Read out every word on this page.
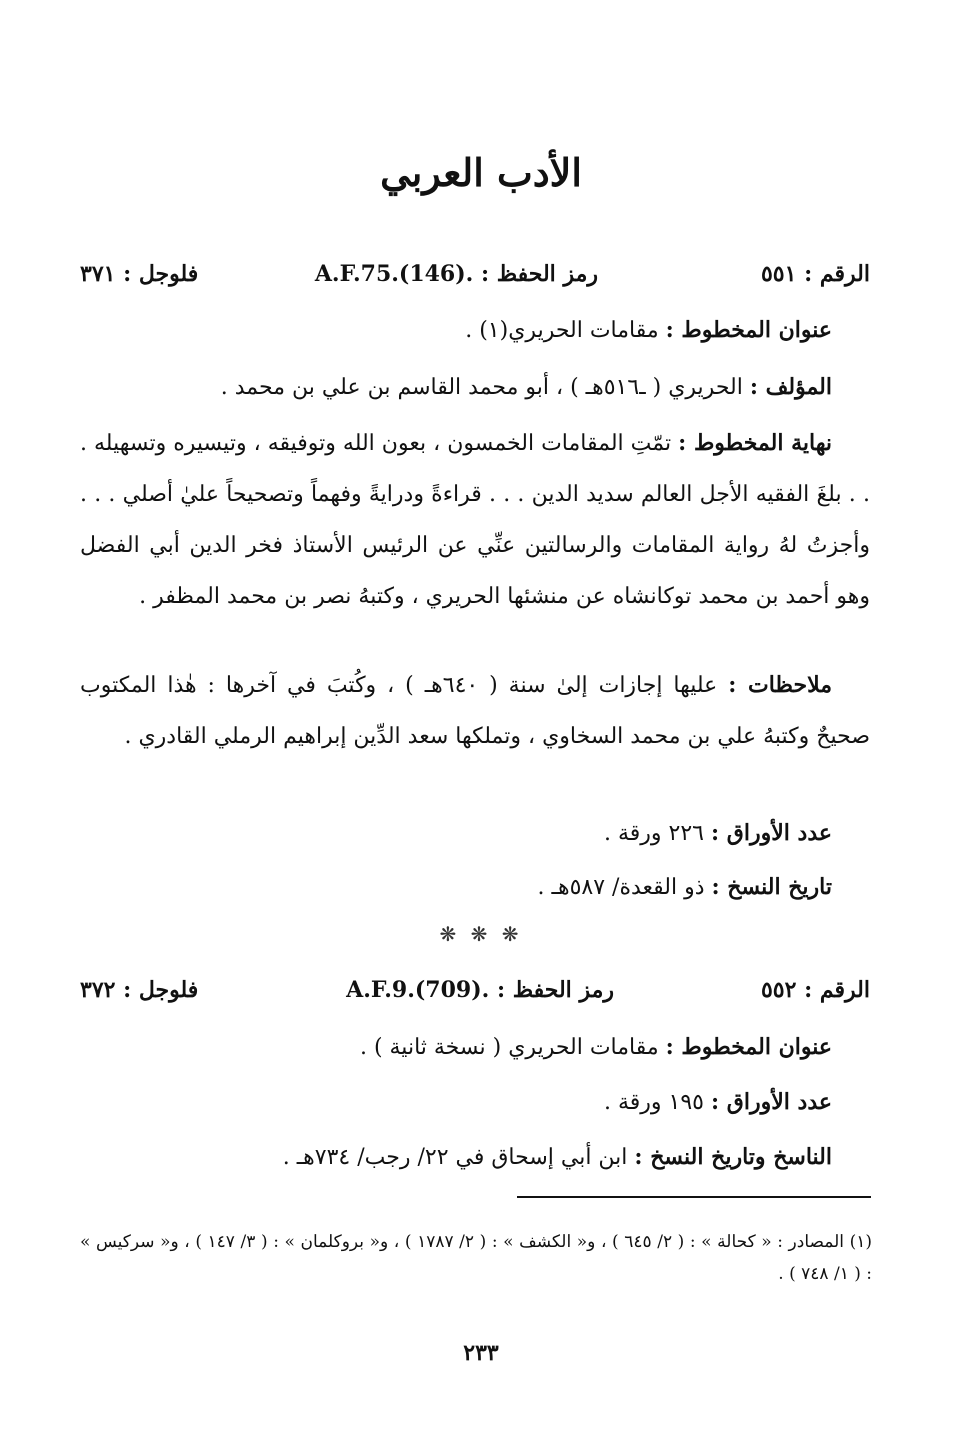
الأدب العربي
الرقم : ٥٥١
رمز الحفظ : .A.F.75.(146)
فلوجل : ٣٧١

عنوان المخطوط : مقامات الحريري(١) .

المؤلف : الحريري ( ـ٥١٦هـ ) ، أبو محمد القاسم بن علي بن محمد .

نهاية المخطوط : تمّتِ المقامات الخمسون ، بعون الله وتوفيقه ، وتيسيره وتسهيله . . . بلغَ الفقيه الأجل العالم سديد الدين . . . قراءةً ودرايةً وفهماً وتصحيحاً عليٰ أصلي . . . وأجزتُ لهُ رواية المقامات والرسالتين عنِّي عن الرئيس الأستاذ فخر الدين أبي الفضل وهو أحمد بن محمد توكانشاه عن منشئها الحريري ، وكتبهُ نصر بن محمد المظفر .

ملاحظات : عليها إجازات إلىٰ سنة ( ٦٤٠هـ ) ، وكُتبَ في آخرها : هٰذا المكتوب صحيحٌ وكتبهُ علي بن محمد السخاوي ، وتملكها سعد الدِّين إبراهيم الرملي القادري .

عدد الأوراق : ٢٢٦ ورقة .

تاريخ النسخ : ذو القعدة/ ٥٨٧هـ .

❋ ❋ ❋
الرقم : ٥٥٢
رمز الحفظ : .A.F.9.(709)
فلوجل : ٣٧٢

عنوان المخطوط : مقامات الحريري ( نسخة ثانية ) .

عدد الأوراق : ١٩٥ ورقة .

الناسخ وتاريخ النسخ : ابن أبي إسحاق في ٢٢/ رجب/ ٧٣٤هـ .

(١) المصادر : « كحالة » : ( ٢/ ٦٤٥ ) ، و« الكشف » : ( ٢/ ١٧٨٧ ) ، و« بروكلمان » : ( ٣/ ١٤٧ ) ، و« سركيس » : ( ١/ ٧٤٨ ) .

٢٣٣
